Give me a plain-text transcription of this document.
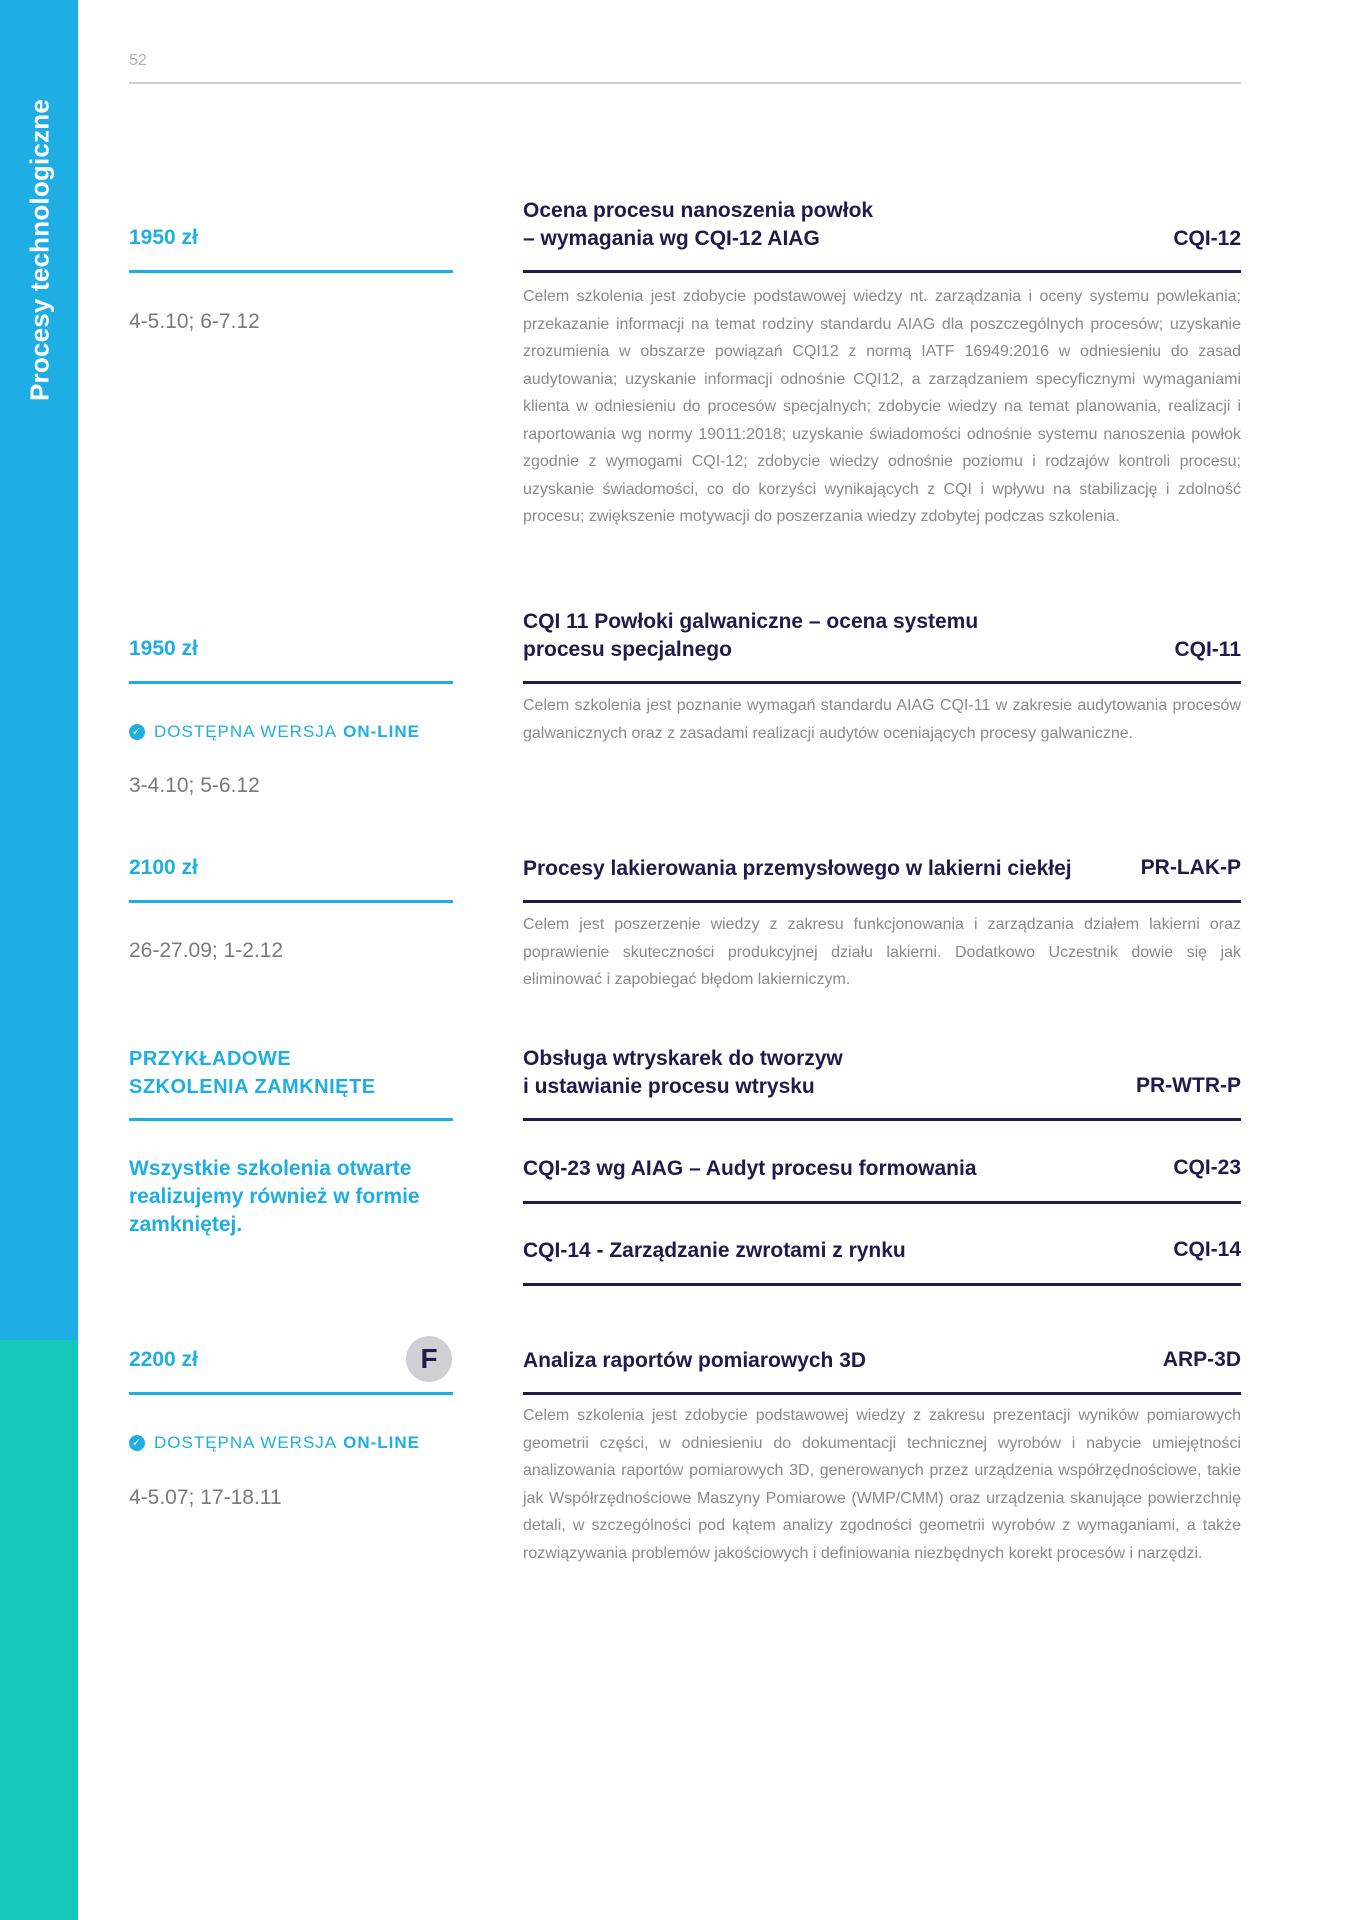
Procesy technologiczne
52
1950 zł
4-5.10; 6-7.12
Ocena procesu nanoszenia powłok
– wymagania wg CQI-12 AIAG	CQI-12
Celem szkolenia jest zdobycie podstawowej wiedzy nt. zarządzania i oceny systemu powlekania; przekazanie informacji na temat rodziny standardu AIAG dla poszczególnych procesów; uzyskanie zrozumienia w obszarze powiązań CQI12 z normą IATF 16949:2016 w odniesieniu do zasad audytowania; uzyskanie informacji odnośnie CQI12, a zarządzaniem specyficznymi wymaganiami klienta w odniesieniu do procesów specjalnych; zdobycie wiedzy na temat planowania, realizacji i raportowania wg normy 19011:2018; uzyskanie świadomości odnośnie systemu nanoszenia powłok zgodnie z wymogami CQI-12; zdobycie wiedzy odnośnie poziomu i rodzajów kontroli procesu; uzyskanie świadomości, co do korzyści wynikających z CQI i wpływu na stabilizację i zdolność procesu; zwiększenie motywacji do poszerzania wiedzy zdobytej podczas szkolenia.
1950 zł
✓ DOSTĘPNA WERSJA ON-LINE
3-4.10; 5-6.12
CQI 11 Powłoki galwaniczne – ocena systemu
procesu specjalnego	CQI-11
Celem szkolenia jest poznanie wymagań standardu AIAG CQI-11 w zakresie audytowania procesów galwanicznych oraz z zasadami realizacji audytów oceniających procesy galwaniczne.
2100 zł
26-27.09; 1-2.12
Procesy lakierowania przemysłowego w lakierni ciekłej	PR-LAK-P
Celem jest poszerzenie wiedzy z zakresu funkcjonowania i zarządzania działem lakierni oraz poprawienie skuteczności produkcyjnej działu lakierni. Dodatkowo Uczestnik dowie się jak eliminować i zapobiegać błędom lakierniczym.
PRZYKŁADOWE
SZKOLENIA ZAMKNIĘTE
Wszystkie szkolenia otwarte realizujemy również w formie zamkniętej.
Obsługa wtryskarek do tworzyw
i ustawianie procesu wtrysku	PR-WTR-P
CQI-23 wg AIAG – Audyt procesu formowania	CQI-23
CQI-14 - Zarządzanie zwrotami z rynku	CQI-14
2200 zł	F
✓ DOSTĘPNA WERSJA ON-LINE
4-5.07; 17-18.11
Analiza raportów pomiarowych 3D	ARP-3D
Celem szkolenia jest zdobycie podstawowej wiedzy z zakresu prezentacji wyników pomiarowych geometrii części, w odniesieniu do dokumentacji technicznej wyrobów i nabycie umiejętności analizowania raportów pomiarowych 3D, generowanych przez urządzenia współrzędnościowe, takie jak Współrzędnościowe Maszyny Pomiarowe (WMP/CMM) oraz urządzenia skanujące powierzchnię detali, w szczególności pod kątem analizy zgodności geometrii wyrobów z wymaganiami, a także rozwiązywania problemów jakościowych i definiowania niezbędnych korekt procesów i narzędzi.
